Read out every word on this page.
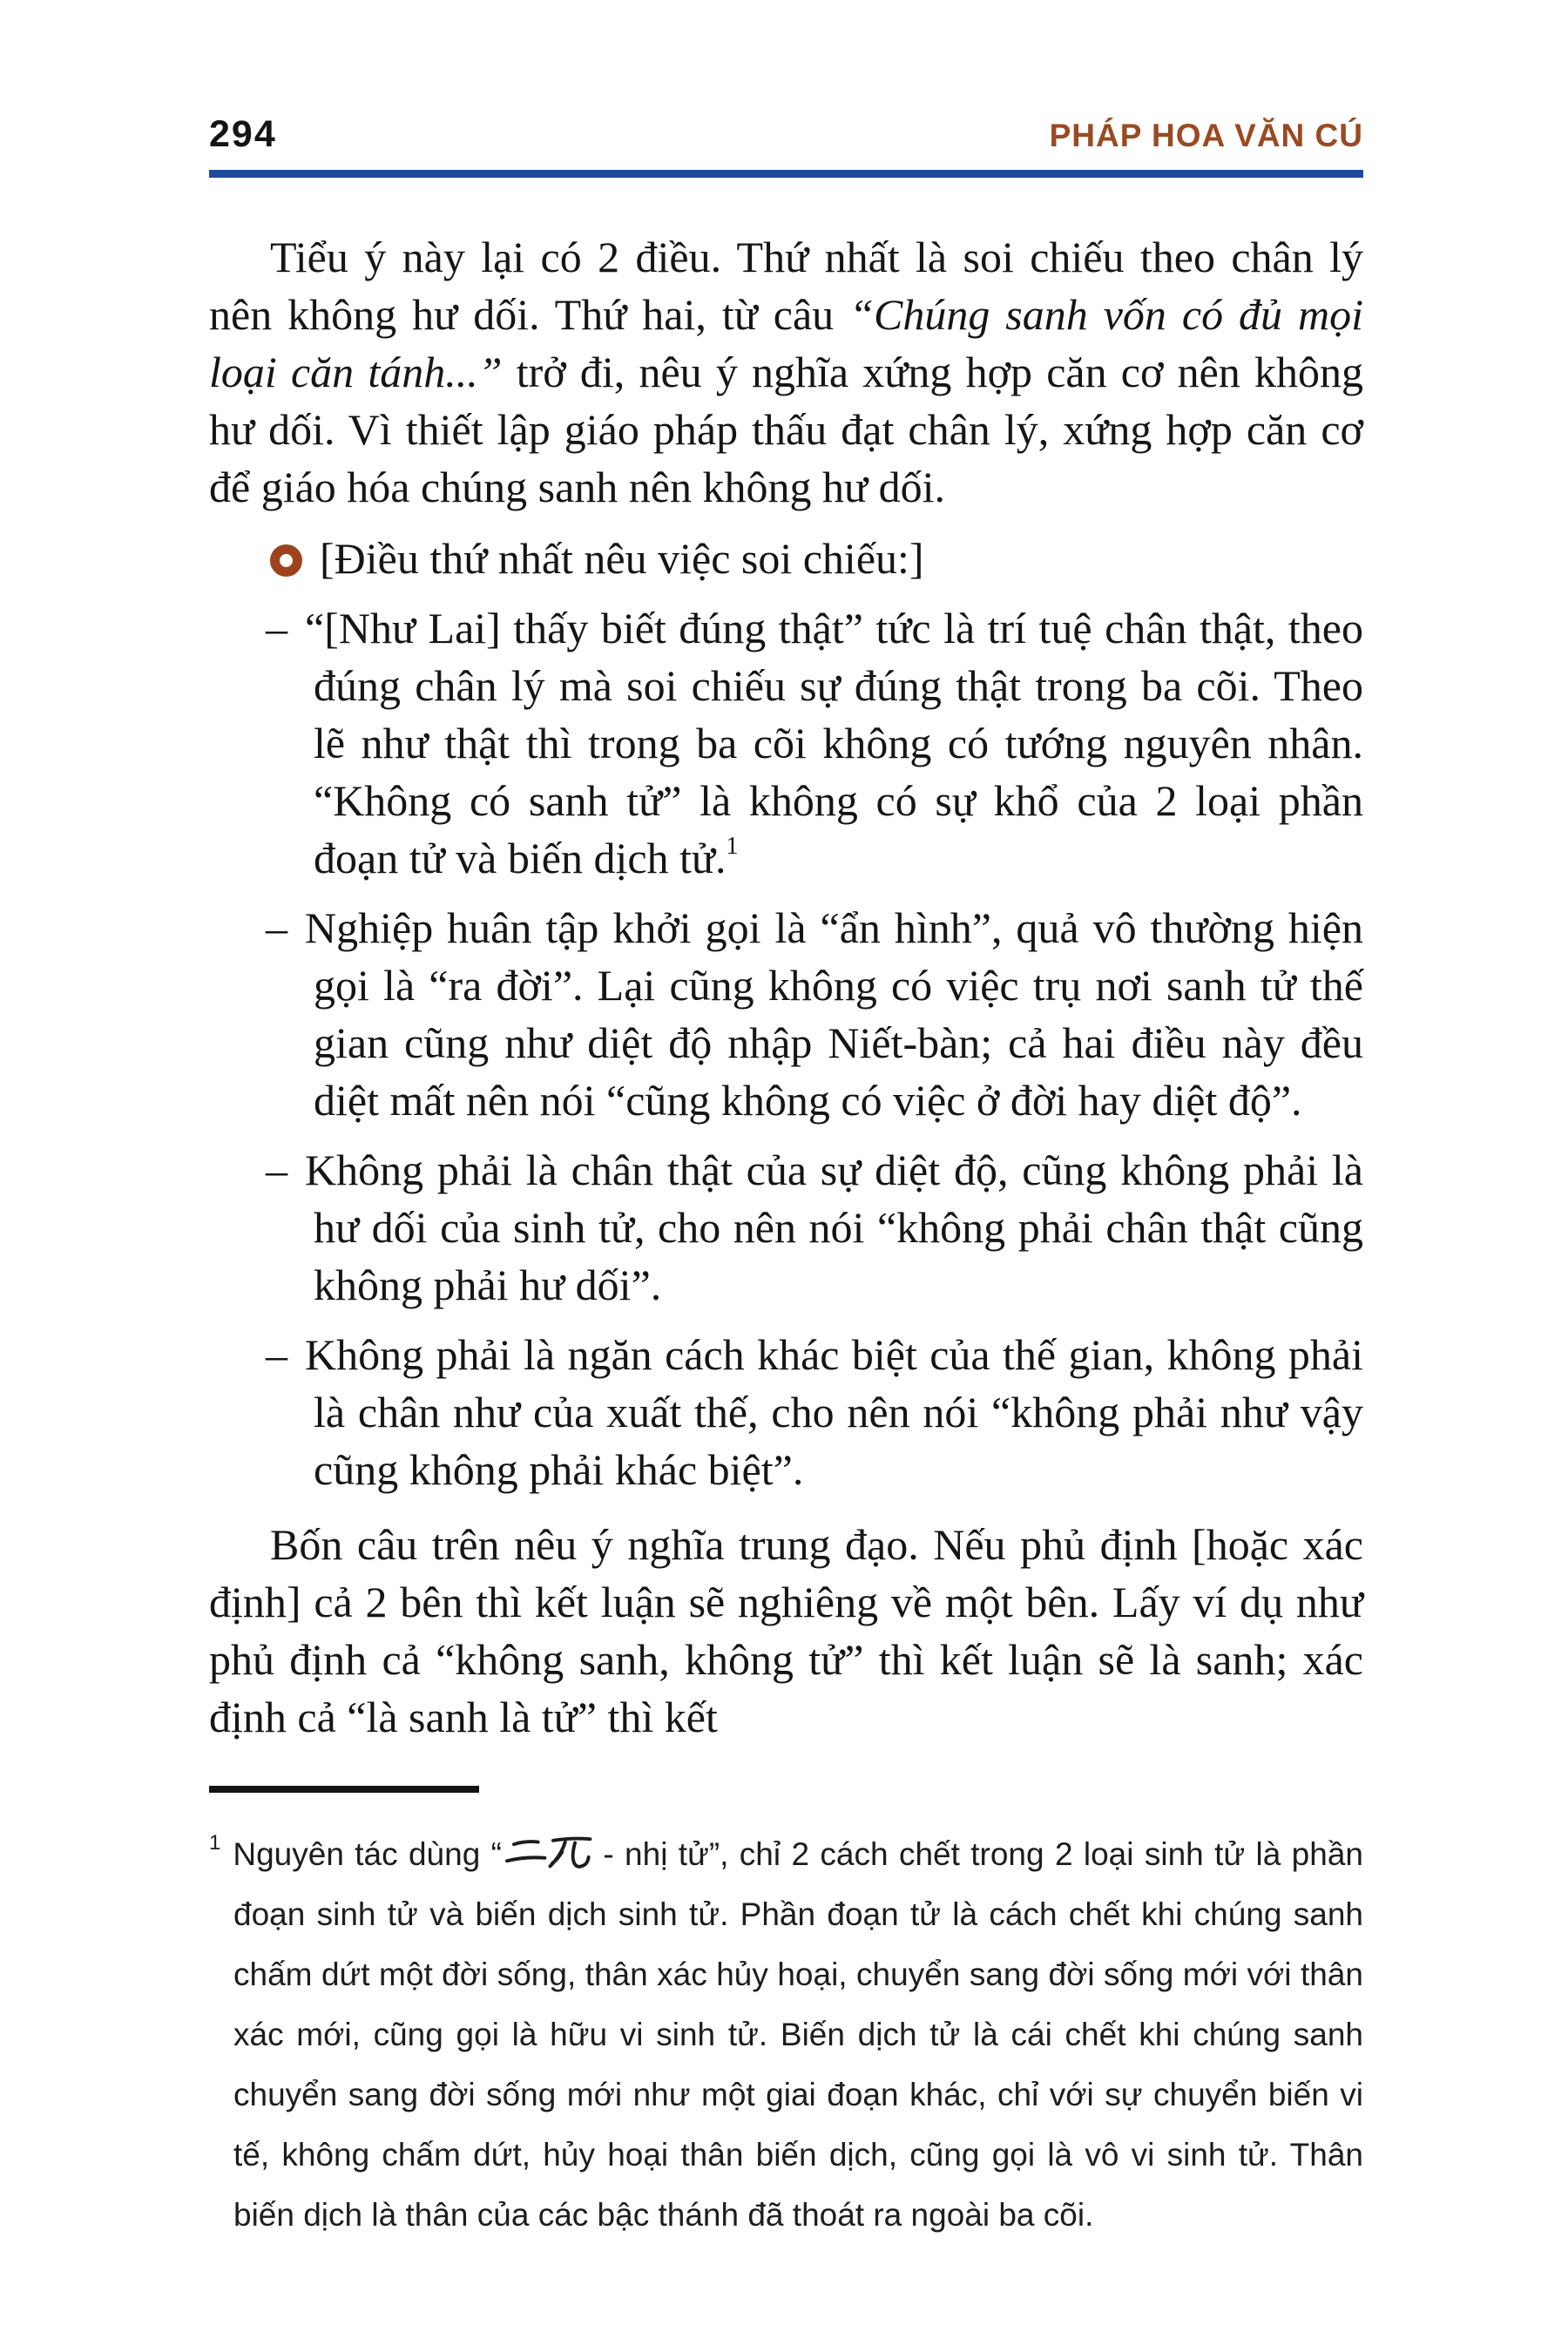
294	PHÁP HOA VĂN CÚ

Tiểu ý này lại có 2 điều. Thứ nhất là soi chiếu theo chân lý nên không hư dối. Thứ hai, từ câu “Chúng sanh vốn có đủ mọi loại căn tánh...” trở đi, nêu ý nghĩa xứng hợp căn cơ nên không hư dối. Vì thiết lập giáo pháp thấu đạt chân lý, xứng hợp căn cơ để giáo hóa chúng sanh nên không hư dối.

[Điều thứ nhất nêu việc soi chiếu:]

– “[Như Lai] thấy biết đúng thật” tức là trí tuệ chân thật, theo đúng chân lý mà soi chiếu sự đúng thật trong ba cõi. Theo lẽ như thật thì trong ba cõi không có tướng nguyên nhân. “Không có sanh tử” là không có sự khổ của 2 loại phần đoạn tử và biến dịch tử.$^1$

– Nghiệp huân tập khởi gọi là “ẩn hình”, quả vô thường hiện gọi là “ra đời”. Lại cũng không có việc trụ nơi sanh tử thế gian cũng như diệt độ nhập Niết-bàn; cả hai điều này đều diệt mất nên nói “cũng không có việc ở đời hay diệt độ”.

– Không phải là chân thật của sự diệt độ, cũng không phải là hư dối của sinh tử, cho nên nói “không phải chân thật cũng không phải hư dối”.

– Không phải là ngăn cách khác biệt của thế gian, không phải là chân như của xuất thế, cho nên nói “không phải như vậy cũng không phải khác biệt”.

Bốn câu trên nêu ý nghĩa trung đạo. Nếu phủ định [hoặc xác định] cả 2 bên thì kết luận sẽ nghiêng về một bên. Lấy ví dụ như phủ định cả “không sanh, không tử” thì kết luận sẽ là sanh; xác định cả “là sanh là tử” thì kết

$^1$ Nguyên tác dùng “	- nhị tử”, chỉ 2 cách chết trong 2 loại sinh tử là phần đoạn sinh tử và biến dịch sinh tử. Phần đoạn tử là cách chết khi chúng sanh chấm dứt một đời sống, thân xác hủy hoại, chuyển sang đời sống mới với thân xác mới, cũng gọi là hữu vi sinh tử. Biến dịch tử là cái chết khi chúng sanh chuyển sang đời sống mới như một giai đoạn khác, chỉ với sự chuyển biến vi tế, không chấm dứt, hủy hoại thân biến dịch, cũng gọi là vô vi sinh tử. Thân biến dịch là thân của các bậc thánh đã thoát ra ngoài ba cõi.
